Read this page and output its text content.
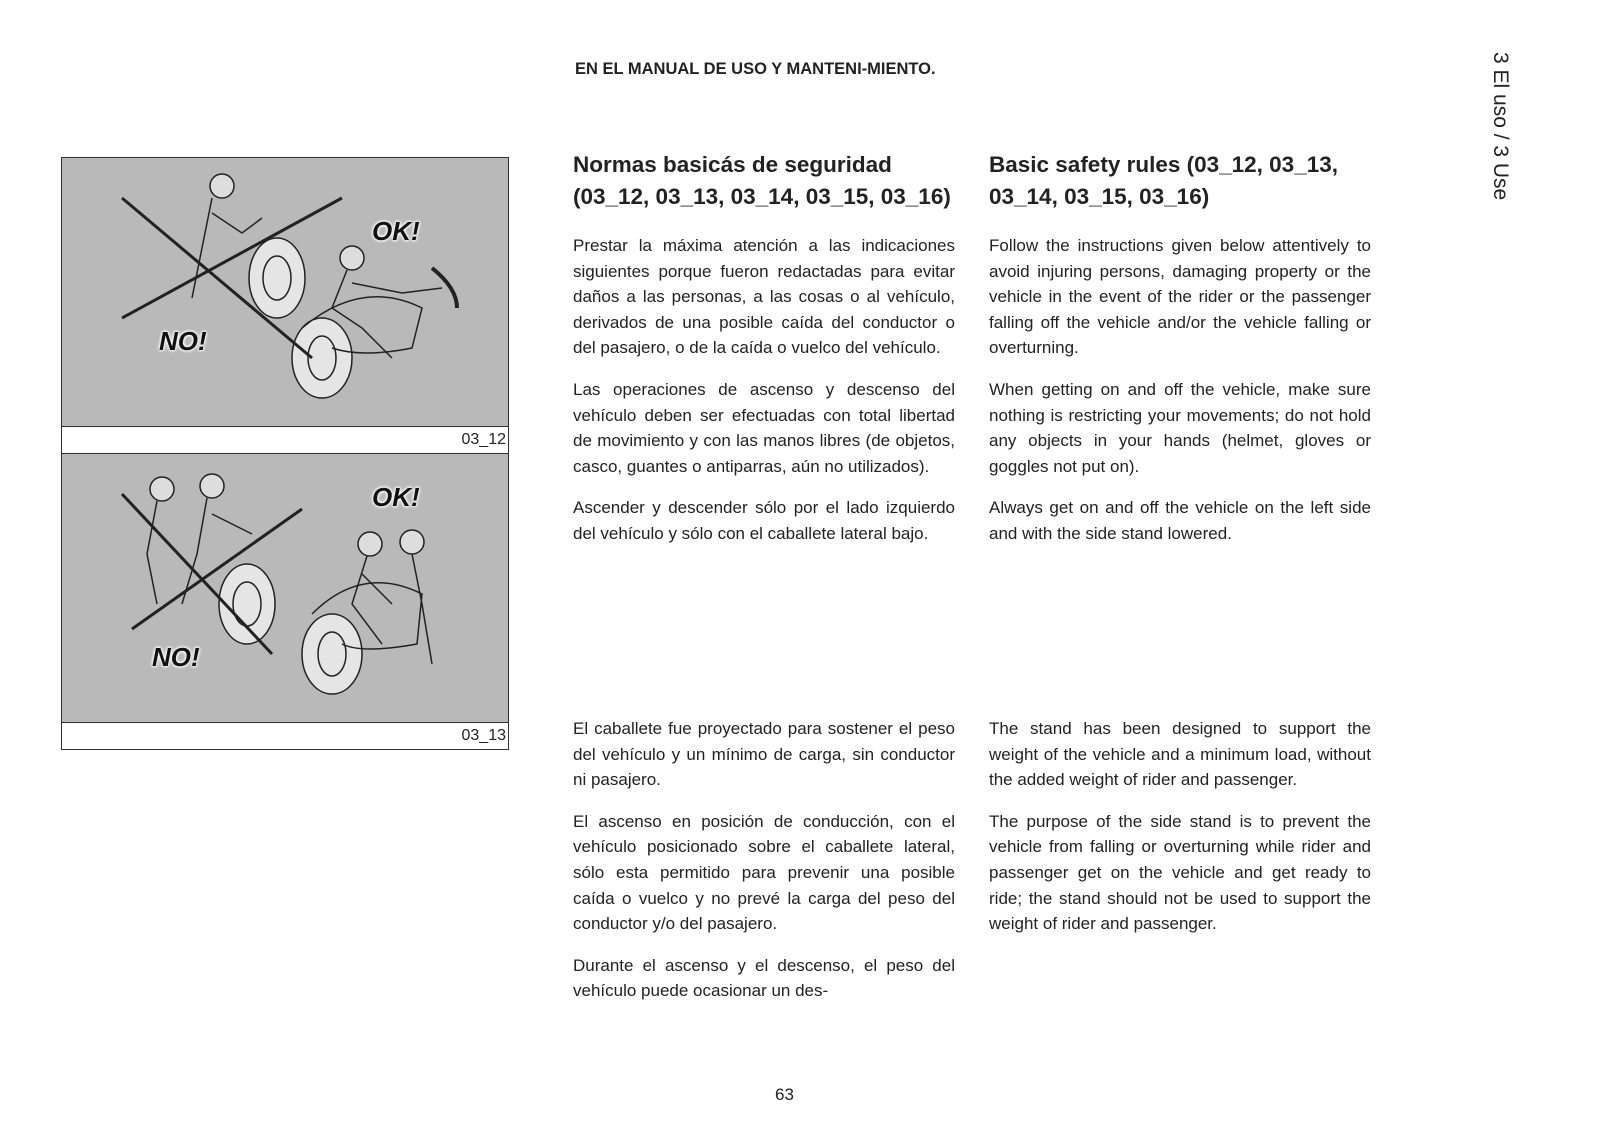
EN EL MANUAL DE USO Y MANTENI-MIENTO.	3 El uso / 3 Use
NO!
OK!
03_12
NO!
OK!
03_13
Normas basicás de seguridad (03_12, 03_13, 03_14, 03_15, 03_16)

Prestar la máxima atención a las indicaciones siguientes porque fueron redactadas para evitar daños a las personas, a las cosas o al vehículo, derivados de una posible caída del conductor o del pasajero, o de la caída o vuelco del vehículo.

Las operaciones de ascenso y descenso del vehículo deben ser efectuadas con total libertad de movimiento y con las manos libres (de objetos, casco, guantes o antiparras, aún no utilizados).

Ascender y descender sólo por el lado izquierdo del vehículo y sólo con el caballete lateral bajo.

El caballete fue proyectado para sostener el peso del vehículo y un mínimo de carga, sin conductor ni pasajero.

El ascenso en posición de conducción, con el vehículo posicionado sobre el caballete lateral, sólo esta permitido para prevenir una posible caída o vuelco y no prevé la carga del peso del conductor y/o del pasajero.

Durante el ascenso y el descenso, el peso del vehículo puede ocasionar un des-

Basic safety rules (03_12, 03_13, 03_14, 03_15, 03_16)

Follow the instructions given below attentively to avoid injuring persons, damaging property or the vehicle in the event of the rider or the passenger falling off the vehicle and/or the vehicle falling or overturning.

When getting on and off the vehicle, make sure nothing is restricting your movements; do not hold any objects in your hands (helmet, gloves or goggles not put on).

Always get on and off the vehicle on the left side and with the side stand lowered.

The stand has been designed to support the weight of the vehicle and a minimum load, without the added weight of rider and passenger.

The purpose of the side stand is to prevent the vehicle from falling or overturning while rider and passenger get on the vehicle and get ready to ride; the stand should not be used to support the weight of rider and passenger.

63
